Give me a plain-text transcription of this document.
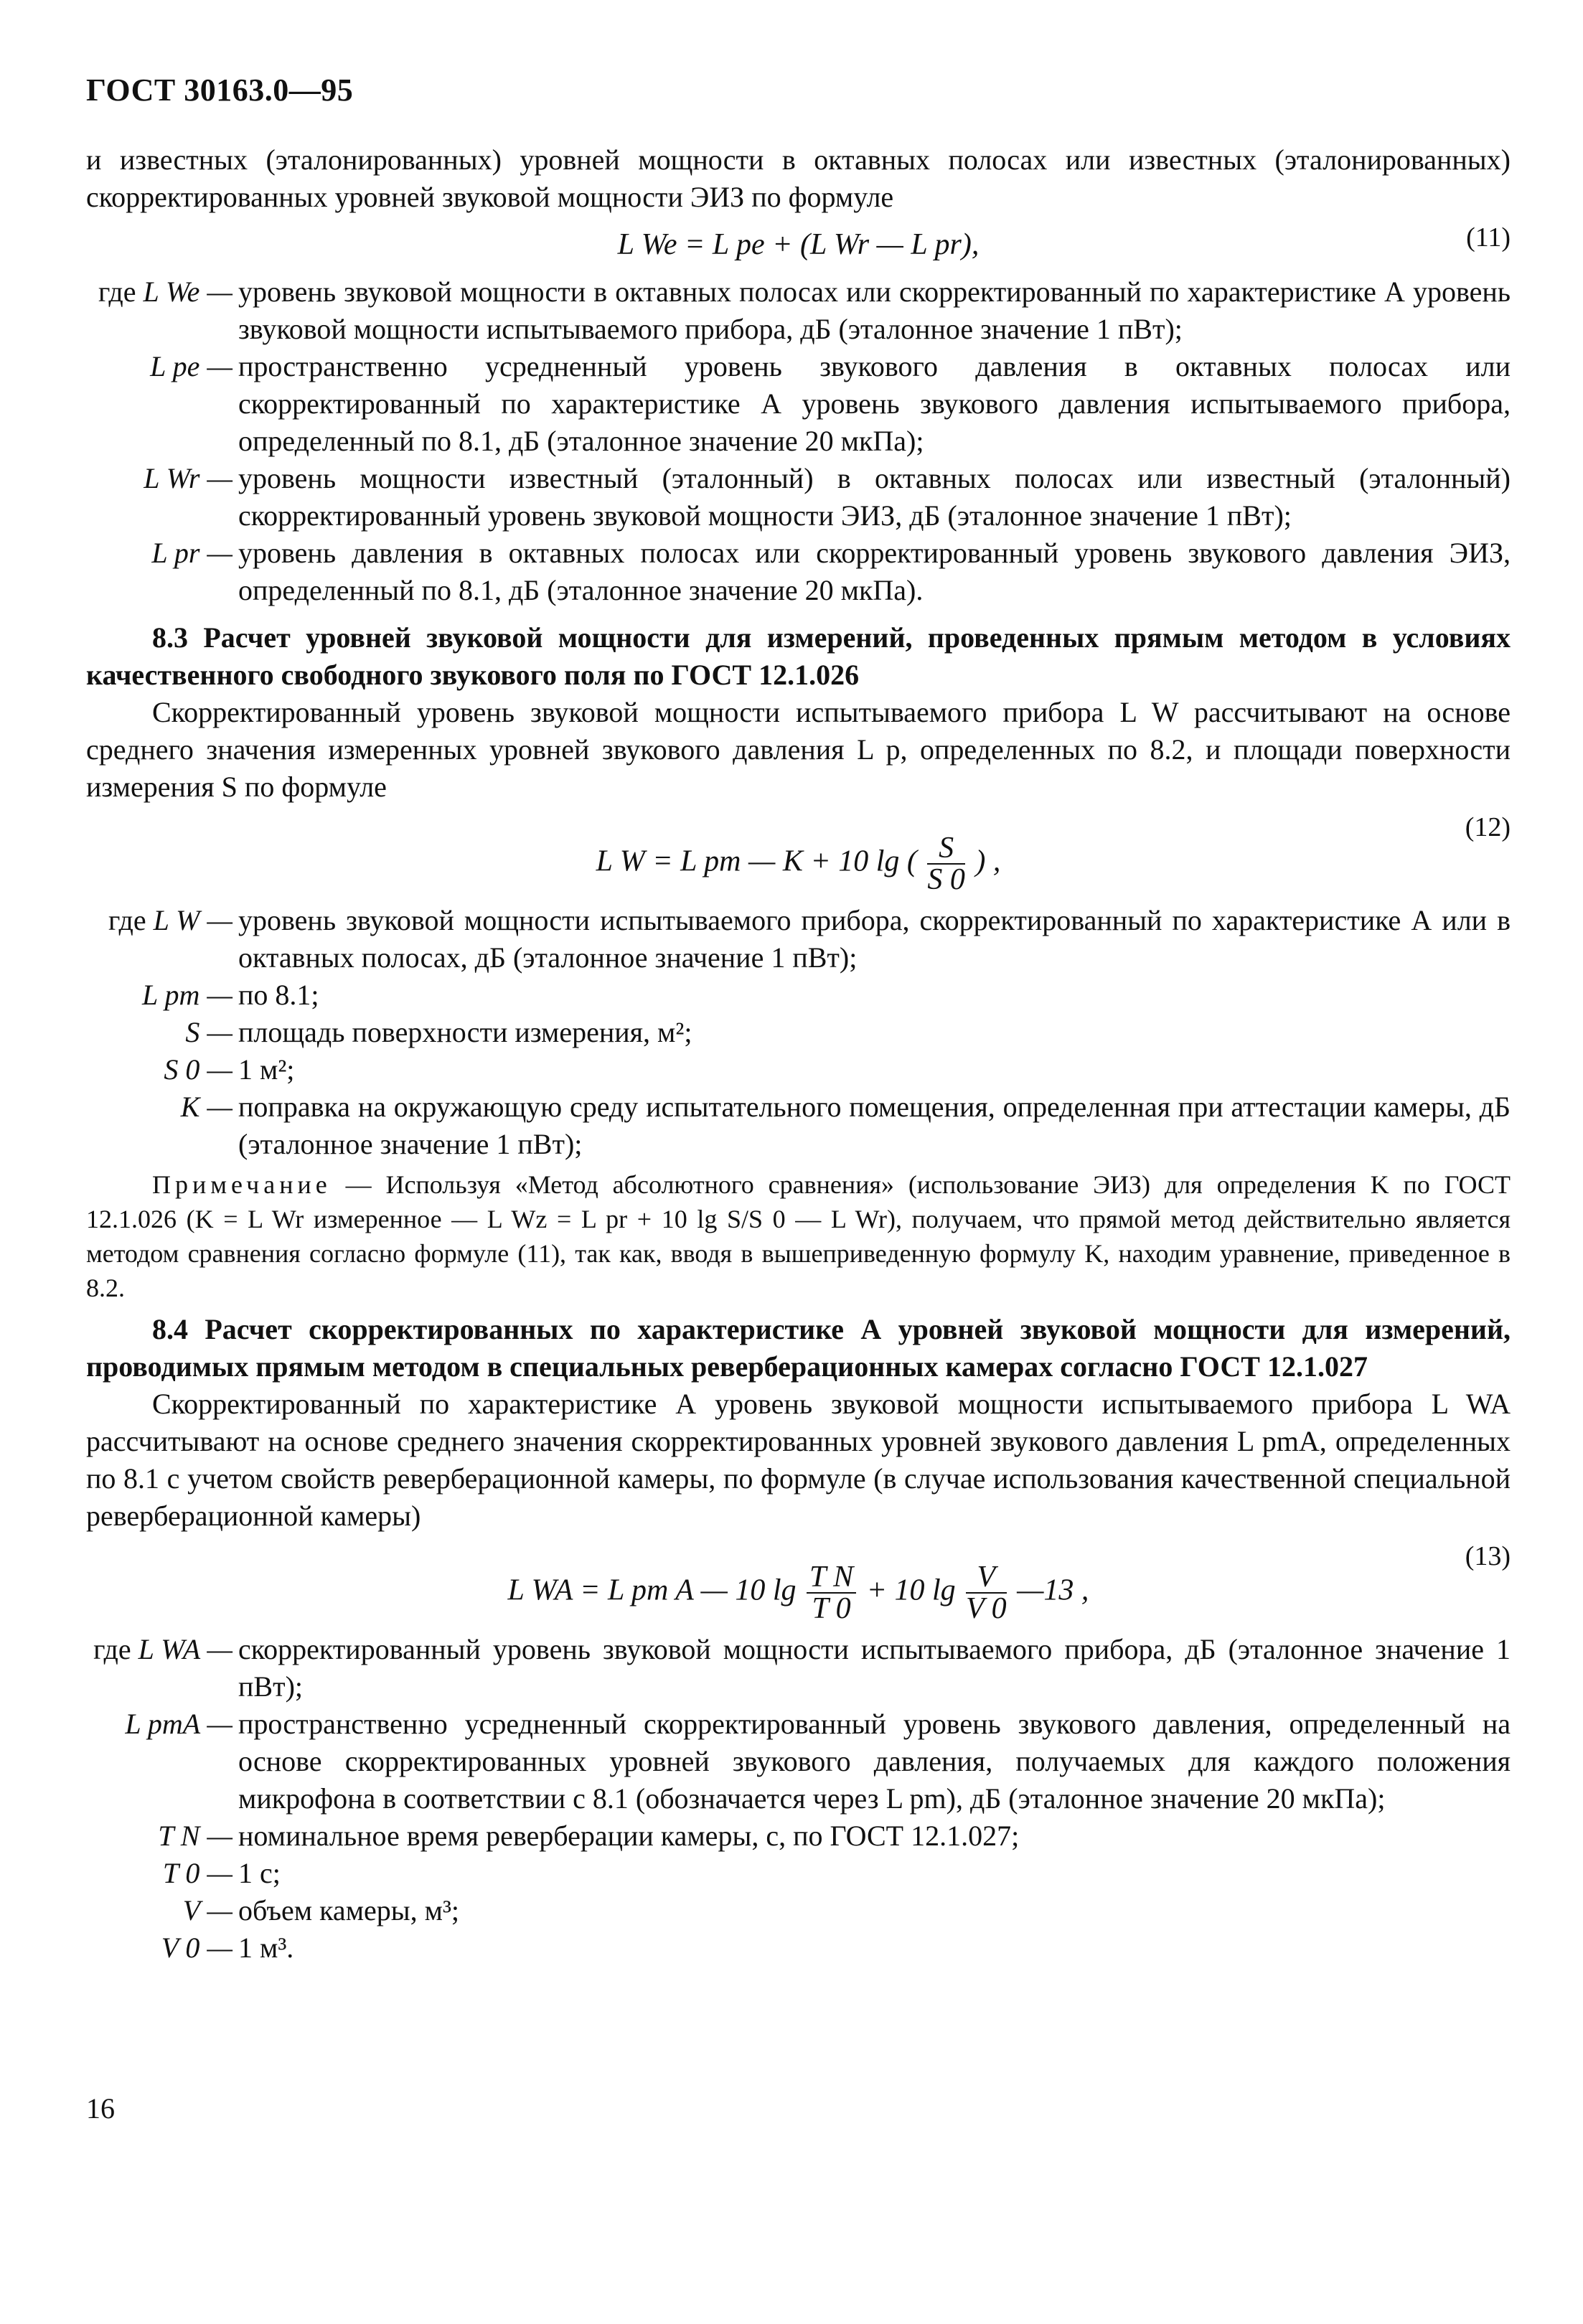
ГОСТ 30163.0—95

и известных (эталонированных) уровней мощности в октавных полосах или известных (эталонированных) скорректированных уровней звуковой мощности ЭИЗ по формуле

L We = L pe + (L Wr — L pr),	(11)
где L We — уровень звуковой мощности в октавных полосах или скорректированный по характеристике А уровень звуковой мощности испытываемого прибора, дБ (эталонное значение 1 пВт);
L pe — пространственно усредненный уровень звукового давления в октавных полосах или скорректированный по характеристике А уровень звукового давления испытываемого прибора, определенный по 8.1, дБ (эталонное значение 20 мкПа);
L Wr — уровень мощности известный (эталонный) в октавных полосах или известный (эталонный) скорректированный уровень звуковой мощности ЭИЗ, дБ (эталонное значение 1 пВт);
L pr — уровень давления в октавных полосах или скорректированный уровень звукового давления ЭИЗ, определенный по 8.1, дБ (эталонное значение 20 мкПа).

8.3 Расчет уровней звуковой мощности для измерений, проведенных прямым методом в условиях качественного свободного звукового поля по ГОСТ 12.1.026

Скорректированный уровень звуковой мощности испытываемого прибора L W рассчитывают на основе среднего значения измеренных уровней звукового давления L p, определенных по 8.2, и площади поверхности измерения S по формуле

L W = L pm — K + 10 lg ( $\frac{S}{S 0}$ ) ,
(12)
где L W — уровень звуковой мощности испытываемого прибора, скорректированный по характеристике А или в октавных полосах, дБ (эталонное значение 1 пВт);
L pm — по 8.1;
S — площадь поверхности измерения, м²;
S 0 — 1 м²;
K — поправка на окружающую среду испытательного помещения, определенная при аттестации камеры, дБ (эталонное значение 1 пВт);
Примечание — Используя «Метод абсолютного сравнения» (использование ЭИЗ) для определения K по ГОСТ 12.1.026 (K = L Wr измеренное — L Wz = L pr + 10 lg S/S 0 — L Wr), получаем, что прямой метод действительно является методом сравнения согласно формуле (11), так как, вводя в вышеприведенную формулу K, находим уравнение, приведенное в 8.2.

8.4 Расчет скорректированных по характеристике А уровней звуковой мощности для измерений, проводимых прямым методом в специальных реверберационных камерах согласно ГОСТ 12.1.027

Скорректированный по характеристике А уровень звуковой мощности испытываемого прибора L WA рассчитывают на основе среднего значения скорректированных уровней звукового давления L pmA, определенных по 8.1 с учетом свойств реверберационной камеры, по формуле (в случае использования качественной специальной реверберационной камеры)

L WA = L pm A — 10 $\lg \frac{\text{T N}}{T 0} + 10$ $\lg \frac{V}{V 0}$ —13 ,
(13)
где L WA — скорректированный уровень звуковой мощности испытываемого прибора, дБ (эталонное значение 1 пВт);
L pmA — пространственно усредненный скорректированный уровень звукового давления, определенный на основе скорректированных уровней звукового давления, получаемых для каждого положения микрофона в соответствии с 8.1 (обозначается через L pm), дБ (эталонное значение 20 мкПа);
T N — номинальное время реверберации камеры, с, по ГОСТ 12.1.027;
T 0 — 1 с;
V — объем камеры, м³;
V 0 — 1 м³.
16
